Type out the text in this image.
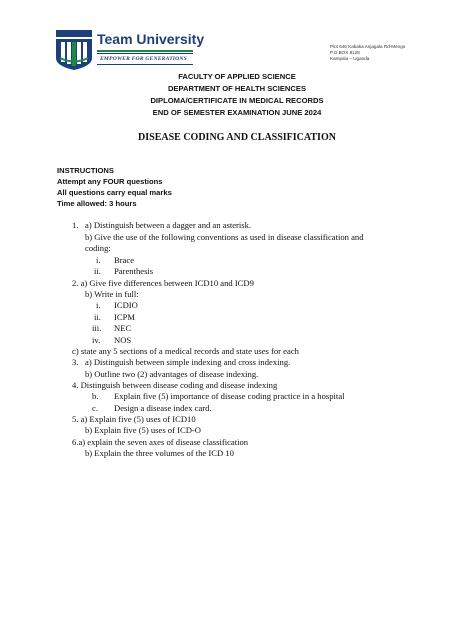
Team University
EMPOWER FOR GENERATIONS
Plot 646 Kabaka Anjagala Rd-Mengo
P.O.BOX 8128
Kampala – Uganda
FACULTY OF APPLIED SCIENCE
DEPARTMENT OF HEALTH SCIENCES
DIPLOMA/CERTIFICATE IN MEDICAL RECORDS
END OF SEMESTER EXAMINATION JUNE 2024
DISEASE CODING AND CLASSIFICATION
INSTRUCTIONS
Attempt any FOUR questions
All questions carry equal marks
Time allowed: 3 hours
1. a) Distinguish between a dagger and an asterisk.
b) Give the use of the following conventions as used in disease classification and
coding:
i. Brace
ii. Parenthesis
2. a) Give five differences between ICD10 and ICD9
b) Write in full:
i. ICDIO
ii. ICPM
iii. NEC
iv. NOS
c) state any 5 sections of a medical records and state uses for each
3. a) Distinguish between simple indexing and cross indexing.
b) Outline two (2) advantages of disease indexing.
4. Distinguish between disease coding and disease indexing
b. Explain five (5) importance of disease coding practice in a hospital
c. Design a disease index card.
5. a) Explain five (5) uses of ICD10
b) Explain five (5) uses of ICD-O
6.a) explain the seven axes of disease classification
b) Explain the three volumes of the ICD 10
